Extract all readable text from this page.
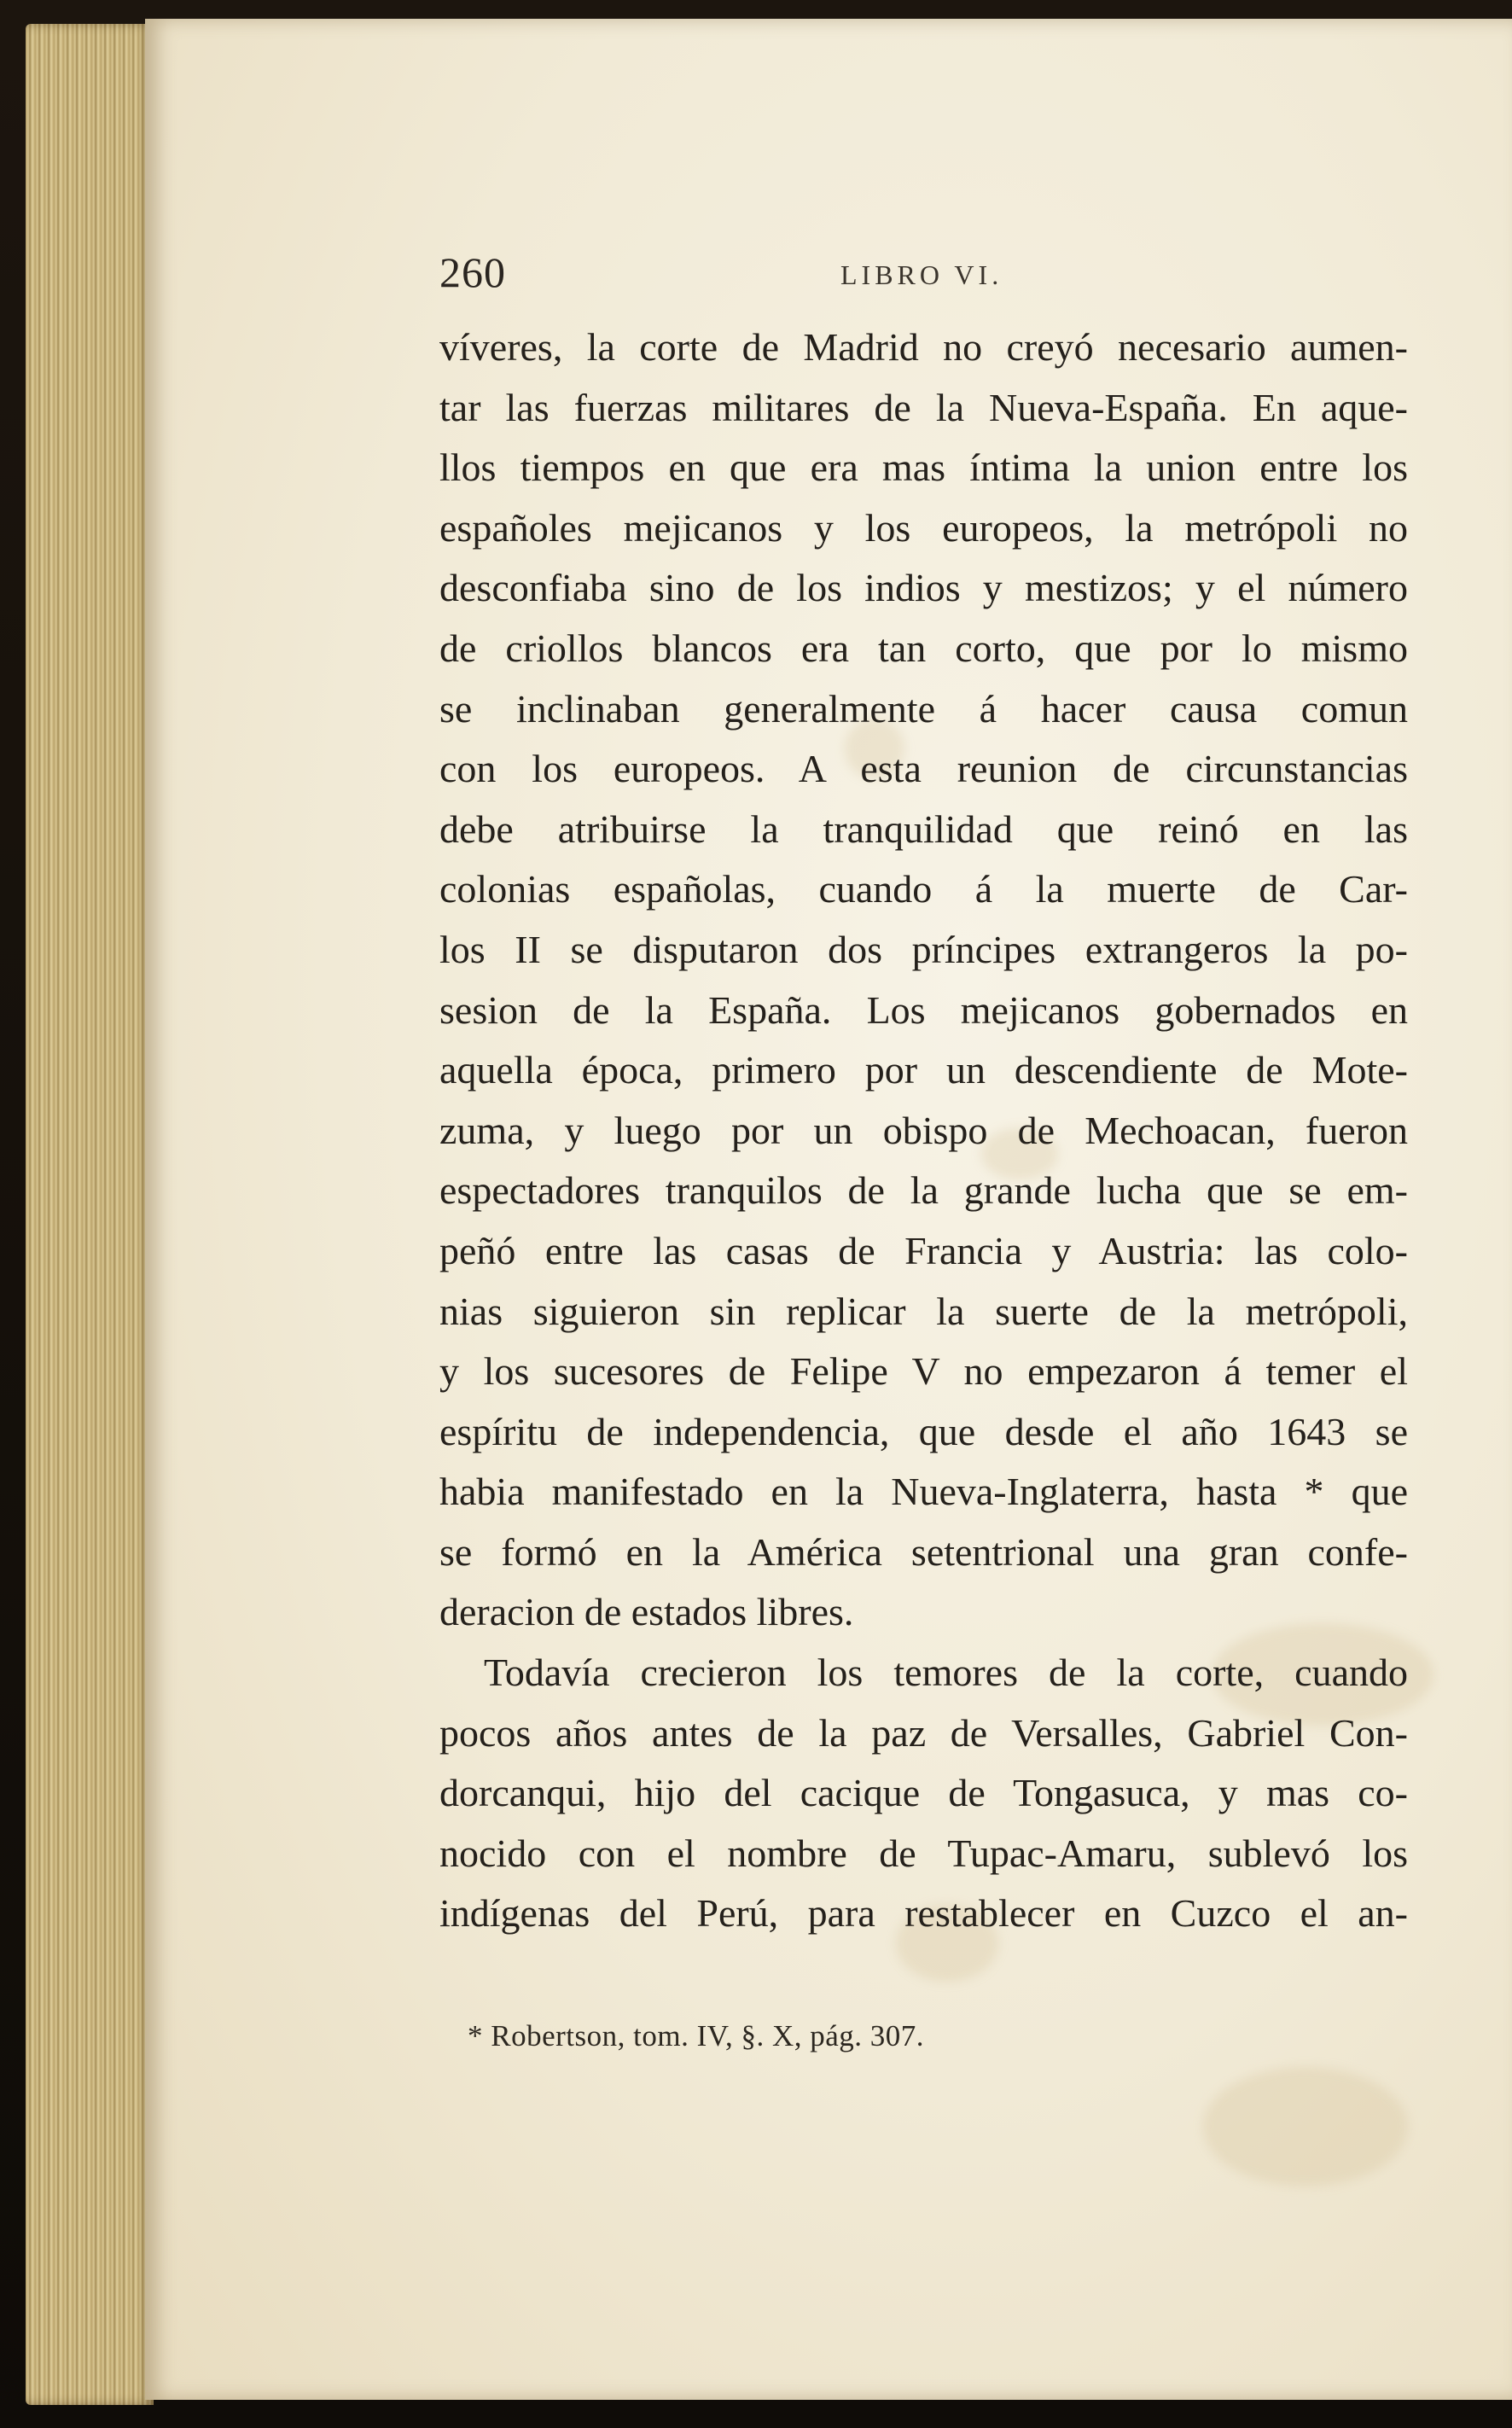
260	LIBRO VI.
víveres, la corte de Madrid no creyó necesario aumen-
tar las fuerzas militares de la Nueva-España. En aque-
llos tiempos en que era mas íntima la union entre los
españoles mejicanos y los europeos, la metrópoli no
desconfiaba sino de los indios y mestizos; y el número
de criollos blancos era tan corto, que por lo mismo
se inclinaban generalmente á hacer causa comun
con los europeos. A esta reunion de circunstancias
debe atribuirse la tranquilidad que reinó en las
colonias españolas, cuando á la muerte de Car-
los II se disputaron dos príncipes extrangeros la po-
sesion de la España. Los mejicanos gobernados en
aquella época, primero por un descendiente de Mote-
zuma, y luego por un obispo de Mechoacan, fueron
espectadores tranquilos de la grande lucha que se em-
peñó entre las casas de Francia y Austria: las colo-
nias siguieron sin replicar la suerte de la metrópoli,
y los sucesores de Felipe V no empezaron á temer el
espíritu de independencia, que desde el año 1643 se
habia manifestado en la Nueva-Inglaterra, hasta * que
se formó en la América setentrional una gran confe-
deracion de estados libres.
Todavía crecieron los temores de la corte, cuando
pocos años antes de la paz de Versalles, Gabriel Con-
dorcanqui, hijo del cacique de Tongasuca, y mas co-
nocido con el nombre de Tupac-Amaru, sublevó los
indígenas del Perú, para restablecer en Cuzco el an-
* Robertson, tom. IV, §. X, pág. 307.
